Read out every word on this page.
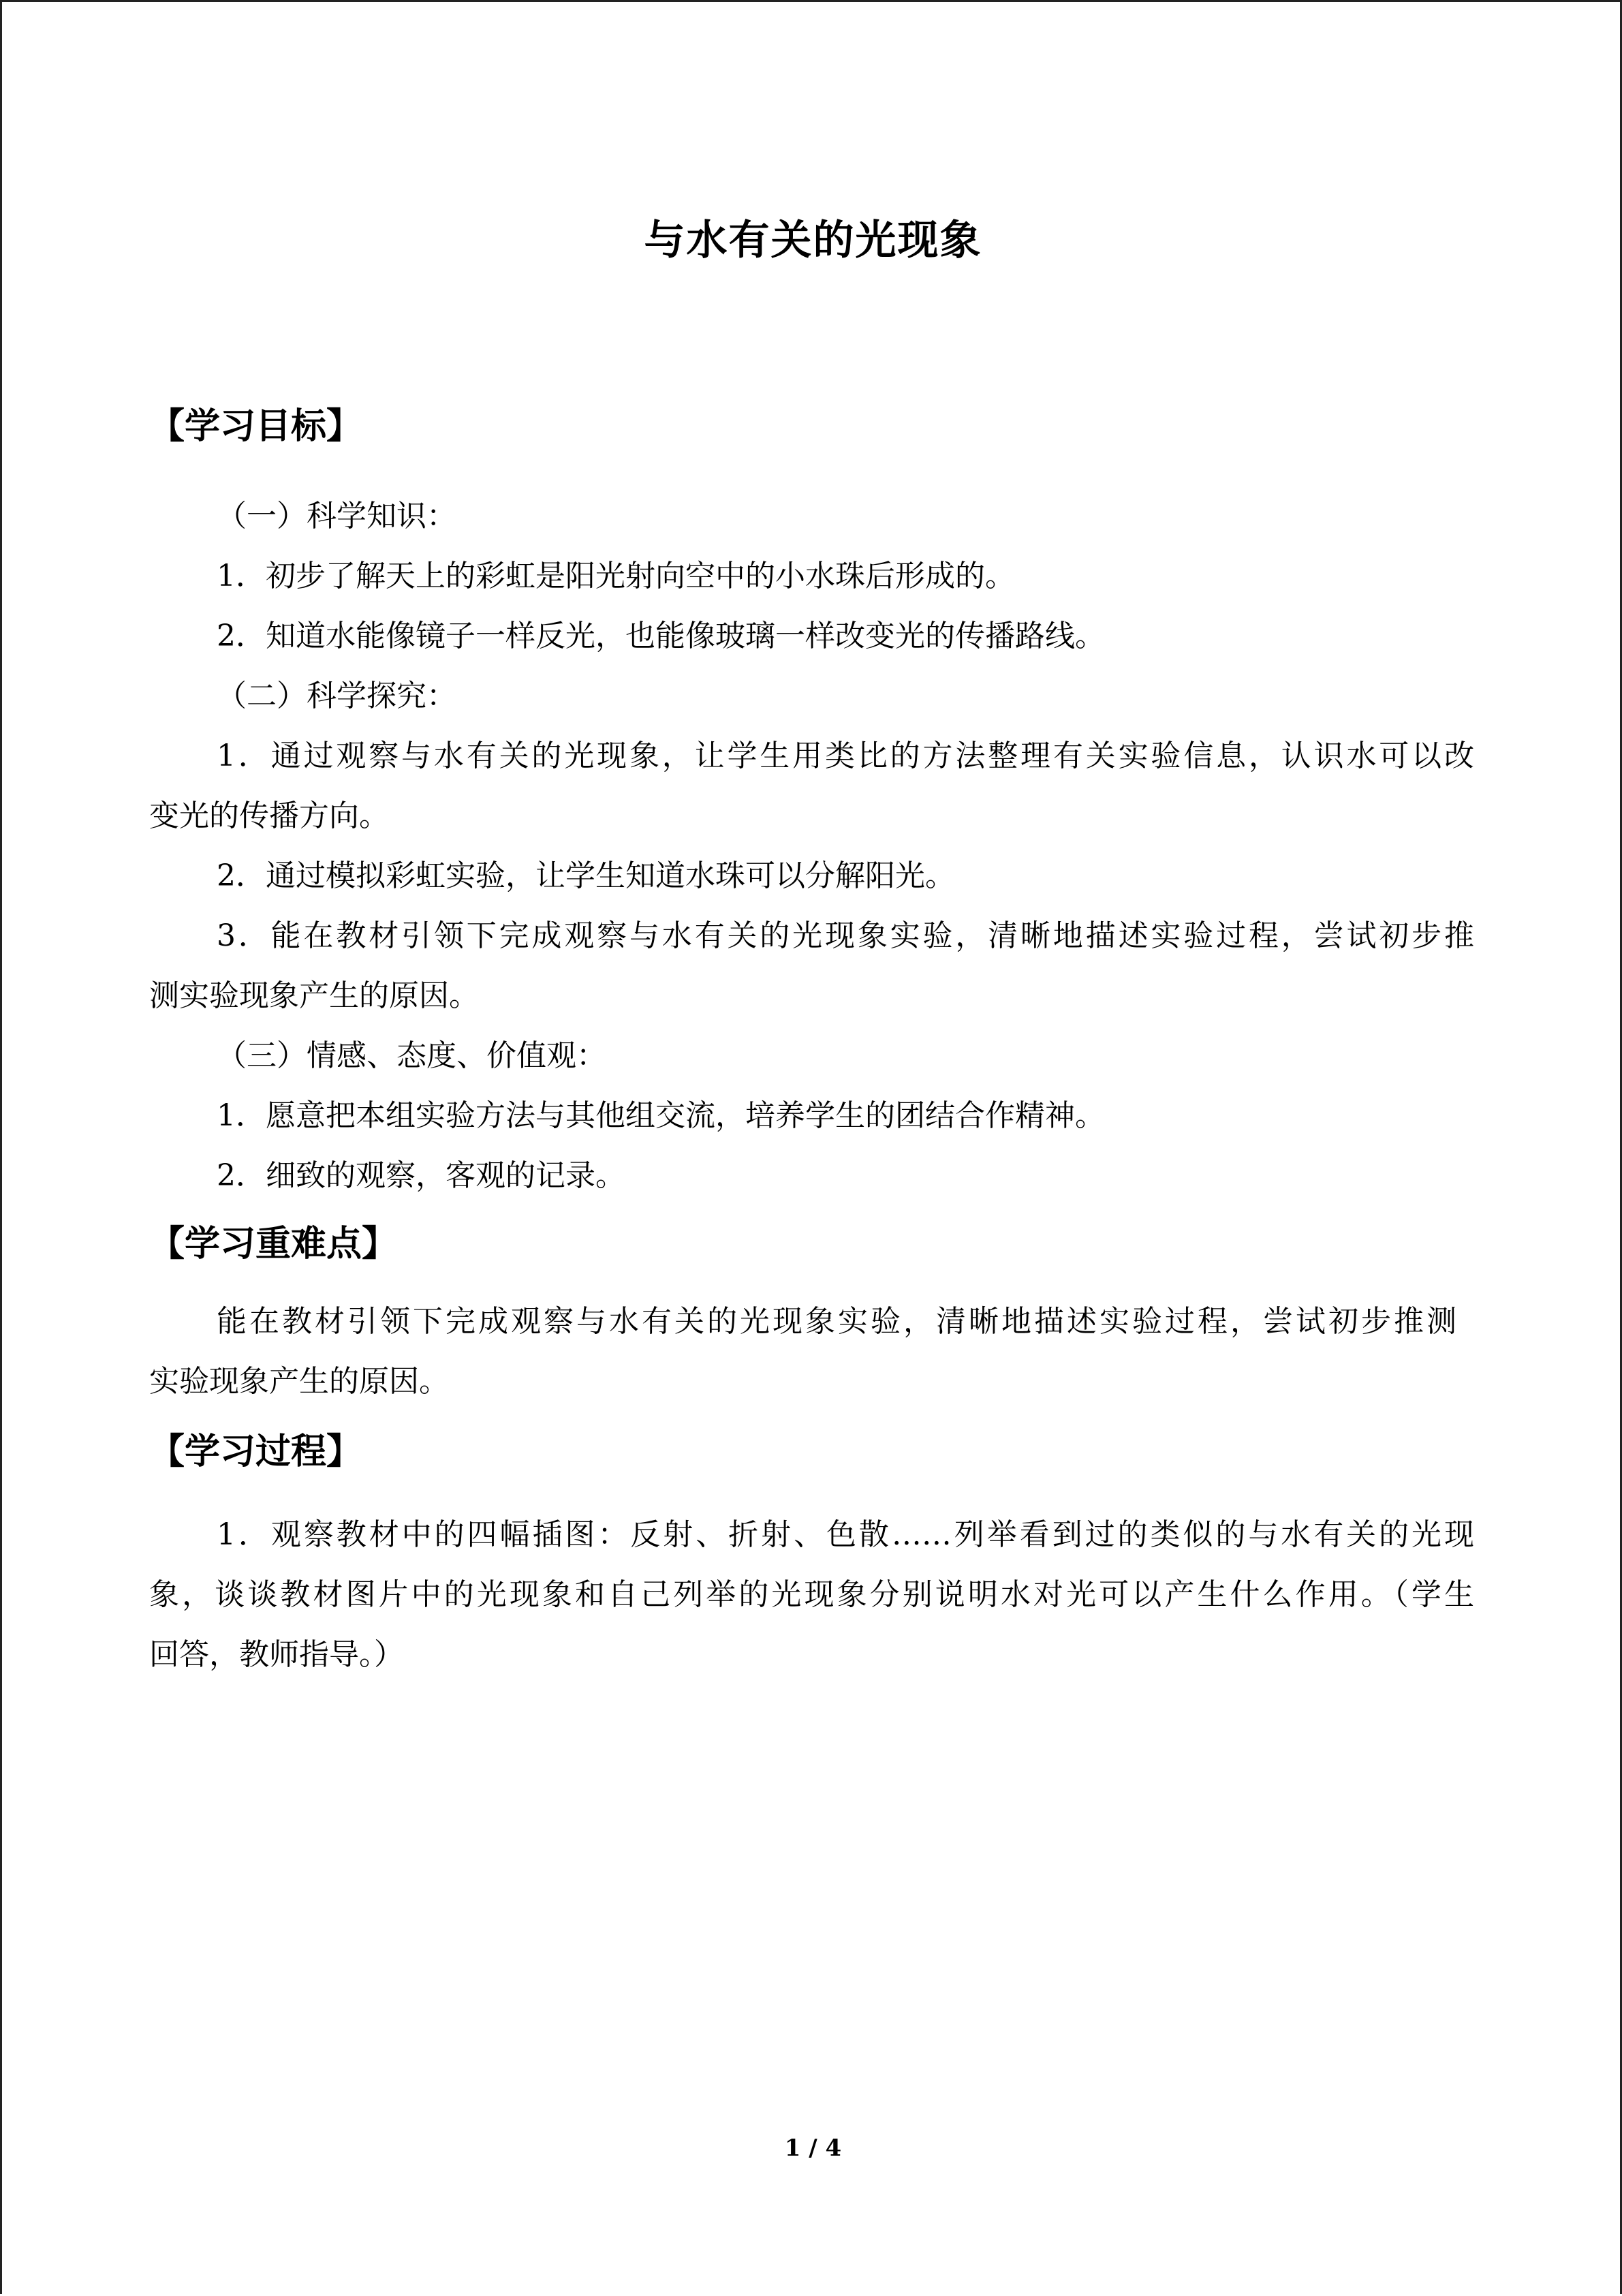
与水有关的光现象
【学习目标】
（一）科学知识：
1．初步了解天上的彩虹是阳光射向空中的小水珠后形成的。
2．知道水能像镜子一样反光，也能像玻璃一样改变光的传播路线。
（二）科学探究：
1．通过观察与水有关的光现象，让学生用类比的方法整理有关实验信息，认识水可以改
变光的传播方向。
2．通过模拟彩虹实验，让学生知道水珠可以分解阳光。
3．能在教材引领下完成观察与水有关的光现象实验，清晰地描述实验过程，尝试初步推
测实验现象产生的原因。
（三）情感、态度、价值观：
1．愿意把本组实验方法与其他组交流，培养学生的团结合作精神。
2．细致的观察，客观的记录。
【学习重难点】
能在教材引领下完成观察与水有关的光现象实验，清晰地描述实验过程，尝试初步推测
实验现象产生的原因。
【学习过程】
1．观察教材中的四幅插图：反射、折射、色散……列举看到过的类似的与水有关的光现
象，谈谈教材图片中的光现象和自己列举的光现象分别说明水对光可以产生什么作用。（学生
回答，教师指导。）
1 / 4
